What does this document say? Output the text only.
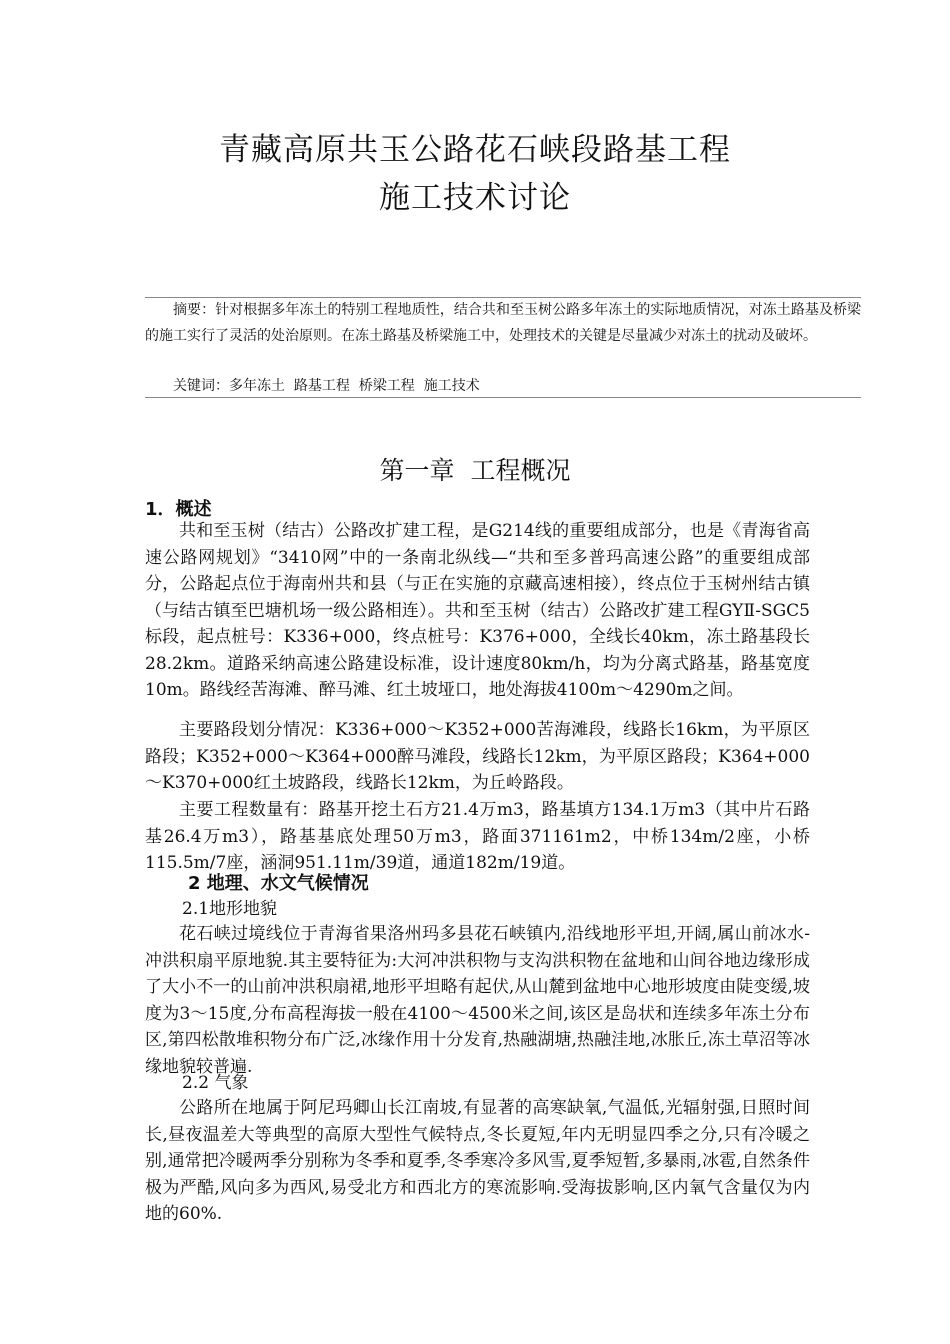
青藏高原共玉公路花石峡段路基工程
施工技术讨论
摘要：针对根据多年冻土的特别工程地质性，结合共和至玉树公路多年冻土的实际地质情况，对冻土路基及桥梁的施工实行了灵活的处治原则。在冻土路基及桥梁施工中，处理技术的关键是尽量减少对冻土的扰动及破坏。
关键词：多年冻土  路基工程  桥梁工程  施工技术
第一章  工程概况
1．概述
共和至玉树（结古）公路改扩建工程，是G214线的重要组成部分，也是《青海省高速公路网规划》“3410网”中的一条南北纵线—“共和至多普玛高速公路”的重要组成部分，公路起点位于海南州共和县（与正在实施的京藏高速相接），终点位于玉树州结古镇（与结古镇至巴塘机场一级公路相连）。共和至玉树（结古）公路改扩建工程GYⅡ-SGC5标段，起点桩号：K336+000，终点桩号：K376+000，全线长40km，冻土路基段长28.2km。道路采纳高速公路建设标准，设计速度80km/h，均为分离式路基，路基宽度10m。路线经苦海滩、醉马滩、红土坡垭口，地处海拔4100m～4290m之间。
主要路段划分情况：K336+000～K352+000苦海滩段，线路长16km，为平原区路段；K352+000～K364+000醉马滩段，线路长12km，为平原区路段；K364+000～K370+000红土坡路段，线路长12km，为丘岭路段。
主要工程数量有：路基开挖土石方21.4万m3，路基填方134.1万m3（其中片石路基26.4万m3），路基基底处理50万m3，路面371161m2，中桥134m/2座，小桥115.5m/7座，涵洞951.11m/39道，通道182m/19道。
2 地理、水文气候情况
2.1地形地貌
花石峡过境线位于青海省果洛州玛多县花石峡镇内,沿线地形平坦,开阔,属山前冰水-冲洪积扇平原地貌.其主要特征为:大河冲洪积物与支沟洪积物在盆地和山间谷地边缘形成了大小不一的山前冲洪积扇裙,地形平坦略有起伏,从山麓到盆地中心地形坡度由陡变缓,坡度为3～15度,分布高程海拔一般在4100～4500米之间,该区是岛状和连续多年冻土分布区,第四松散堆积物分布广泛,冰缘作用十分发育,热融湖塘,热融洼地,冰胀丘,冻土草沼等冰缘地貌较普遍.
2.2 气象
公路所在地属于阿尼玛卿山长江南坡,有显著的高寒缺氧,气温低,光辐射强,日照时间长,昼夜温差大等典型的高原大型性气候特点,冬长夏短,年内无明显四季之分,只有冷暖之别,通常把冷暖两季分别称为冬季和夏季,冬季寒冷多风雪,夏季短暂,多暴雨,冰雹,自然条件极为严酷,风向多为西风,易受北方和西北方的寒流影响.受海拔影响,区内氧气含量仅为内地的60%.
